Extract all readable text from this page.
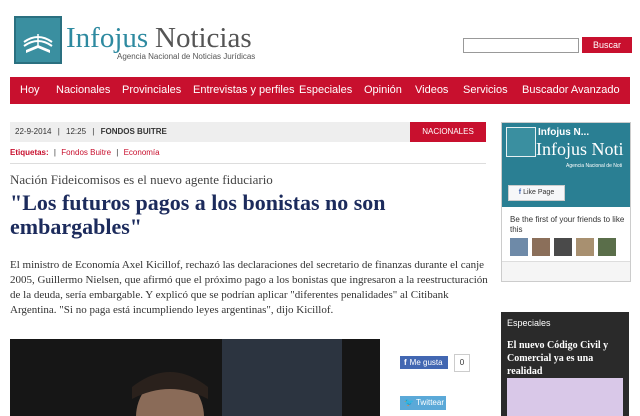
Infojus Noticias
Agencia Nacional de Noticias Jurídicas
Buscar
Hoy Nacionales Provinciales Entrevistas y perfiles Especiales Opinión Videos Servicios Buscador Avanzado
22-9-2014 | 12:25 | FONDOS BUITRE	NACIONALES
Etiquetas: | Fondos Buitre | Economía
Nación Fideicomisos es el nuevo agente fiduciario
"Los futuros pagos a los bonistas no son embargables"
El ministro de Economía Axel Kicillof, rechazó las declaraciones del secretario de finanzas durante el canje 2005, Guillermo Nielsen, que afirmó que el próximo pago a los bonistas que ingresaron a la reestructuración de la deuda, sería embargable. Y explicó que se podrían aplicar "diferentes penalidades" al Citibank Argentina. "Si no paga está incumpliendo leyes argentinas", dijo Kicillof.
f Me gusta	0
🐦 Twittear
Infojus N...
Infojus Noti
Agencia Nacional de Noti
f Like Page
Be the first of your friends to like this
Especiales
El nuevo Código Civil y Comercial ya es una realidad
